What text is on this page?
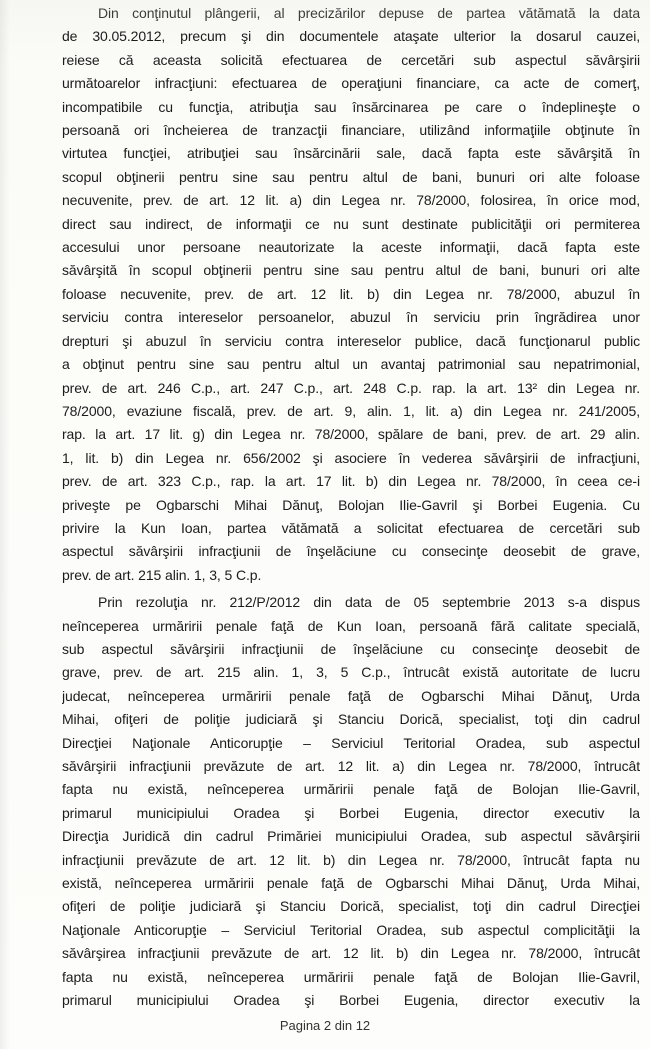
Din conţinutul plângerii, al precizărilor depuse de partea vătămată la data
de 30.05.2012, precum şi din documentele ataşate ulterior la dosarul cauzei,
reiese că aceasta solicită efectuarea de cercetări sub aspectul săvârşirii
următoarelor infracţiuni: efectuarea de operaţiuni financiare, ca acte de comerţ,
incompatibile cu funcţia, atribuţia sau însărcinarea pe care o îndeplineşte o
persoană ori încheierea de tranzacţii financiare, utilizând informaţiile obţinute în
virtutea funcţiei, atribuţiei sau însărcinării sale, dacă fapta este săvârşită în
scopul obţinerii pentru sine sau pentru altul de bani, bunuri ori alte foloase
necuvenite, prev. de art. 12 lit. a) din Legea nr. 78/2000, folosirea, în orice mod,
direct sau indirect, de informaţii ce nu sunt destinate publicităţii ori permiterea
accesului unor persoane neautorizate la aceste informaţii, dacă fapta este
săvârşită în scopul obţinerii pentru sine sau pentru altul de bani, bunuri ori alte
foloase necuvenite, prev. de art. 12 lit. b) din Legea nr. 78/2000, abuzul în
serviciu contra intereselor persoanelor, abuzul în serviciu prin îngrădirea unor
drepturi şi abuzul în serviciu contra intereselor publice, dacă funcţionarul public
a obţinut pentru sine sau pentru altul un avantaj patrimonial sau nepatrimonial,
prev. de art. 246 C.p., art. 247 C.p., art. 248 C.p. rap. la art. 13² din Legea nr.
78/2000, evaziune fiscală, prev. de art. 9, alin. 1, lit. a) din Legea nr. 241/2005,
rap. la art. 17 lit. g) din Legea nr. 78/2000, spălare de bani, prev. de art. 29 alin.
1, lit. b) din Legea nr. 656/2002 şi asociere în vederea săvârşirii de infracţiuni,
prev. de art. 323 C.p., rap. la art. 17 lit. b) din Legea nr. 78/2000, în ceea ce-i
priveşte pe Ogbarschi Mihai Dănuţ, Bolojan Ilie-Gavril şi Borbei Eugenia. Cu
privire la Kun Ioan, partea vătămată a solicitat efectuarea de cercetări sub
aspectul săvârşirii infracţiunii de înşelăciune cu consecinţe deosebit de grave,
prev. de art. 215 alin. 1, 3, 5 C.p.
Prin rezoluţia nr. 212/P/2012 din data de 05 septembrie 2013 s-a dispus
neînceperea urmăririi penale faţă de Kun Ioan, persoană fără calitate specială,
sub aspectul săvârşirii infracţiunii de înşelăciune cu consecinţe deosebit de
grave, prev. de art. 215 alin. 1, 3, 5 C.p., întrucât există autoritate de lucru
judecat, neînceperea urmăririi penale faţă de Ogbarschi Mihai Dănuţ, Urda
Mihai, ofiţeri de poliţie judiciară şi Stanciu Dorică, specialist, toţi din cadrul
Direcţiei Naţionale Anticorupţie – Serviciul Teritorial Oradea, sub aspectul
săvârşirii infracţiunii prevăzute de art. 12 lit. a) din Legea nr. 78/2000, întrucât
fapta nu există, neînceperea urmăririi penale faţă de Bolojan Ilie-Gavril,
primarul municipiului Oradea şi Borbei Eugenia, director executiv la
Direcţia Juridică din cadrul Primăriei municipiului Oradea, sub aspectul săvârşirii
infracţiunii prevăzute de art. 12 lit. b) din Legea nr. 78/2000, întrucât fapta nu
există, neînceperea urmăririi penale faţă de Ogbarschi Mihai Dănuţ, Urda Mihai,
ofiţeri de poliţie judiciară şi Stanciu Dorică, specialist, toţi din cadrul Direcţiei
Naţionale Anticorupţie – Serviciul Teritorial Oradea, sub aspectul complicităţii la
săvârşirea infracţiunii prevăzute de art. 12 lit. b) din Legea nr. 78/2000, întrucât
fapta nu există, neînceperea urmăririi penale faţă de Bolojan Ilie-Gavril,
primarul municipiului Oradea şi Borbei Eugenia, director executiv la
Pagina 2 din 12
